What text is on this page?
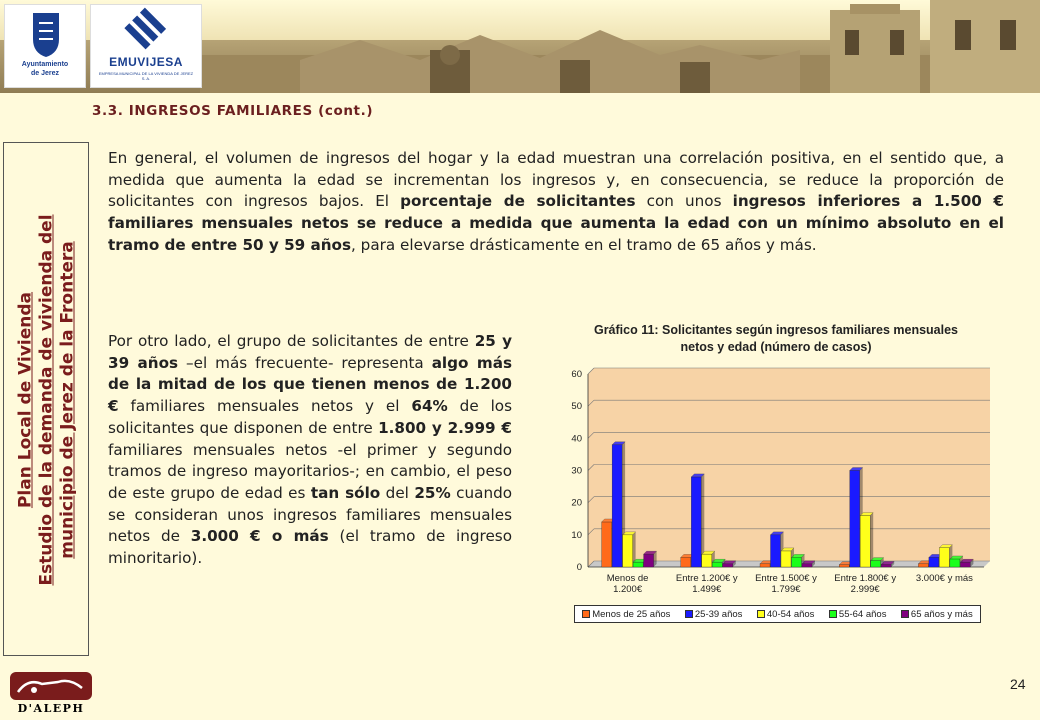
Ayuntamiento
de Jerez
EMUVIJESA
EMPRESA MUNICIPAL DE LA VIVIENDA DE JEREZ S. A.
3.3. INGRESOS FAMILIARES (cont.)
Plan Local de Vivienda Estudio de la demanda de vivienda del municipio de Jerez de la Frontera

En general, el volumen de ingresos del hogar y la edad muestran una correlación positiva, en el sentido que, a medida que aumenta la edad se incrementan los ingresos y, en consecuencia, se reduce la proporción de solicitantes con ingresos bajos. El porcentaje de solicitantes con unos ingresos inferiores a 1.500 € familiares mensuales netos se reduce a medida que aumenta la edad con un mínimo absoluto en el tramo de entre 50 y 59 años, para elevarse drásticamente en el tramo de 65 años y más.

Por otro lado, el grupo de solicitantes de entre 25 y 39 años –el más frecuente- representa algo más de la mitad de los que tienen menos de 1.200 € familiares mensuales netos y el 64% de los solicitantes que disponen de entre 1.800 y 2.999 € familiares mensuales netos -el primer y segundo tramos de ingreso mayoritarios-; en cambio, el peso de este grupo de edad es tan sólo del 25% cuando se consideran unos ingresos familiares mensuales netos de 3.000 € o más (el tramo de ingreso minoritario).

Gráfico 11: Solicitantes según ingresos familiares mensuales netos y edad (número de casos)
0
10
20
30
40
50
60
Menos de
1.200€
Entre 1.200€ y
1.499€
Entre 1.500€ y
1.799€
Entre 1.800€ y
2.999€
3.000€ y más
Menos de 25 años	25-39 años	40-54 años	55-64 años	65 años y más
D'ALEPH
24
